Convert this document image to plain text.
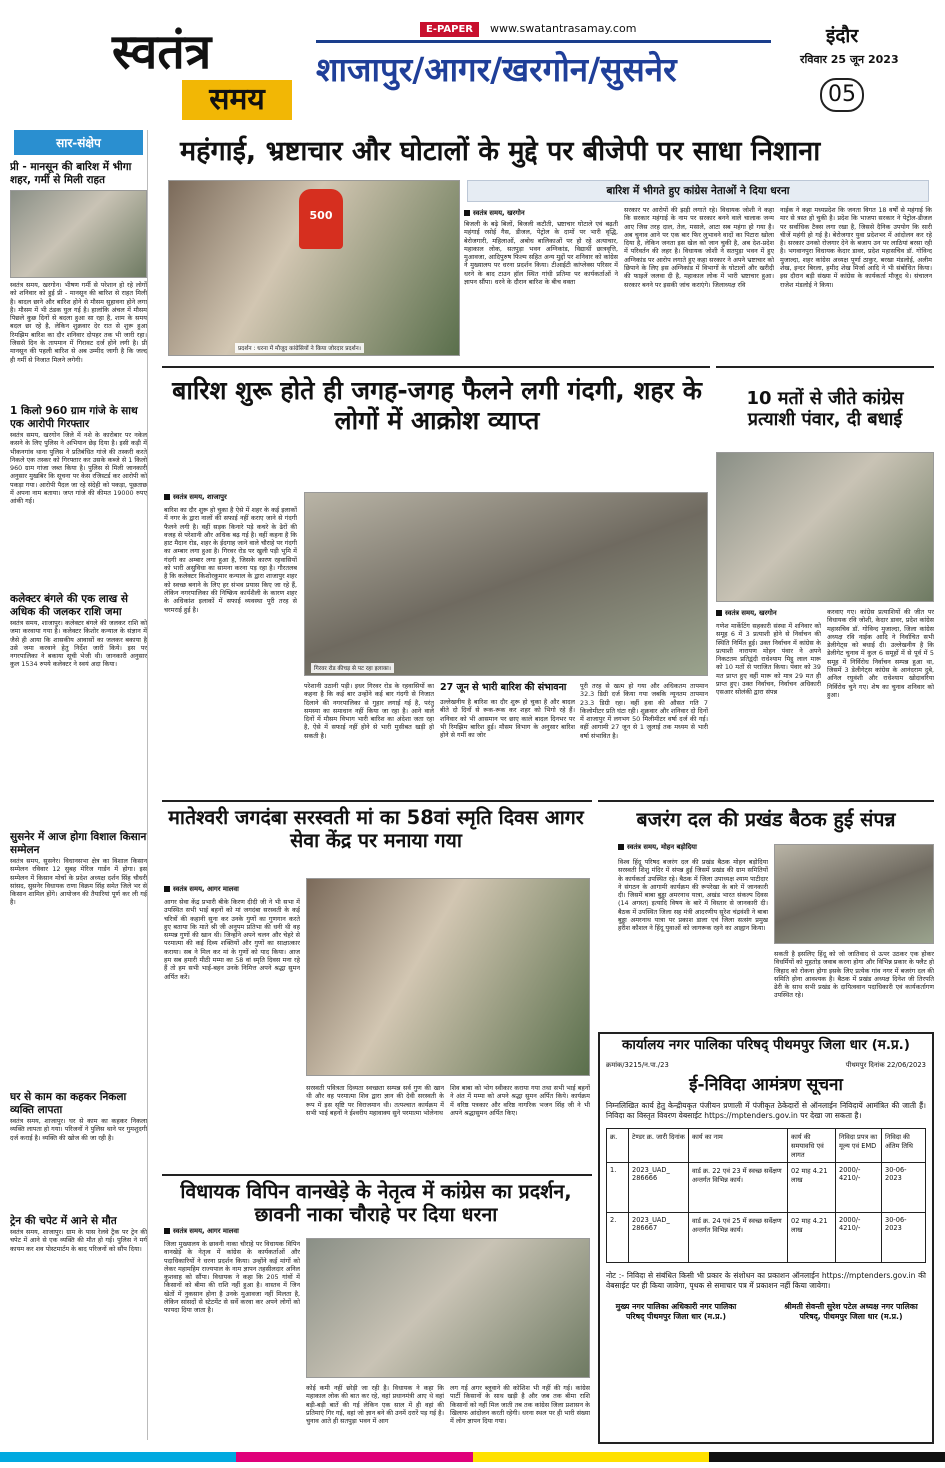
स्वतंत्र
समय
E-PAPER	www.swatantrasamay.com
शाजापुर/आगर/खरगोन/सुसनेर
इंदौर
रविवार 25 जून 2023
05
सार-संक्षेप
प्री - मानसून की बारिश में भीगा शहर, गर्मी से मिली राहत
स्वतंत्र समय, खरगोन। भीषण गर्मी से परेशान हो रहे लोगों को शनिवार को हुई प्री - मानसून की बारिश से राहत मिली है। बादल छाने और बारिश होने से मौसम सुहावना होने लगा है। मौसम में भी ठंडक घुल गई है। हालांकि अंचल में मौसम पिछले कुछ दिनों से बदला हुआ सा रहा है, शाम के समय बदल छा रहे है, लेकिन शुक्रवार देर रात से शुरू हुआ रिमझिम बारिश का दौर शनिवार दोपहर तक भी जारी रहा। जिससे दिन के तापमान में गिरावट दर्ज होने लगी है। प्री मानसून की पहली बारिश से अब उम्मीद जागी है कि जल्द ही गर्मी से निजात मिलने लगेगी।
1 किलो 960 ग्राम गांजे के साथ एक आरोपी गिरफ्तार
स्वतंत्र समय, खरगोन जिले में नशे के कारोबार पर नकेल कसने के लिए पुलिस ने अभियान छेड़ दिया है। इसी कड़ी में भीकनगांव थाना पुलिस ने प्रतिबंधित गांजे की तस्करी करते निकले एक तस्कर को गिरफ्तार कर उसके कब्जे से 1 किलो 960 ग्राम गांजा जब्त किया है। पुलिस से मिली जानकारी अनुसार मुखबिर कि सूचना पर केस रजिस्टर्ड कर आरोपी को पकड़ा गया। आरोपी पैदल जा रहे संदेही को पकड़ा, पूछताछ में अपना नाम बताया। जप्त गांजे की कीमत 19000 रुपए आंकी गई।
कलेक्टर बंगले की एक लाख से अधिक की जलकर राशि जमा
स्वतंत्र समय, शाजापुर। कलेक्टर बंगले की जलकर राशि को जमा करवाया गया है। कलेक्टर किशोर कन्याल के संज्ञान में जैसे ही आया कि शासकीय आवासों का जलकर बकाया है उसे जमा करवाने हेतु निर्देश जारी किये। इस पर नगरपालिका ने बकाया सूची भेजी थी। जानकारी अनुसार कुल 1534 रुपये कलेक्टर ने स्वयं अदा किया।
सुसनेर में आज होगा विशाल किसान सम्मेलन
स्वतंत्र समय, सुसनेर। विधानसभा क्षेत्र का विशाल किसान सम्मेलन रविवार 12 सुबह मेरिज गार्डन में होगा। इस सम्मेलन में किसान मोर्चा के प्रदेश अध्यक्ष दर्शन सिंह चौधरी सांसद, सुसनेर विधायक राणा विक्रम सिंह समेत जिले भर से किसान शामिल होंगे। आयोजन की तैयारियां पूर्ण कर ली गई है।
घर से काम का कहकर निकला व्यक्ति लापता
स्वतंत्र समय, शाजापुर। घर से काम का कहकर निकला व्यक्ति लापता हो गया। परिजनों ने पुलिस थाने पर गुमशुदगी दर्ज कराई है। व्यक्ति की खोज की जा रही है।
ट्रेन की चपेट में आने से मौत
स्वतंत्र समय, शाजापुर। ग्राम के पास रेलवे ट्रैक पर ट्रेन की चपेट में आने से एक व्यक्ति की मौत हो गई। पुलिस ने मर्ग कायम कर शव पोस्टमार्टम के बाद परिजनों को सौंप दिया।
महंगाई, भ्रष्टाचार और घोटालों के मुद्दे पर बीजेपी पर साधा निशाना
बारिश में भीगते हुए कांग्रेस नेताओं ने दिया धरना
500
प्रदर्शन : धरना में मौजूद कांग्रेसियों ने किया जोरदार प्रदर्शन।
स्वतंत्र समय, खरगोन
बिजली के बढ़े बिलों, बिजली कटौती, भ्रष्टाचार घोटाले एवं बढ़ती महंगाई रसोई गैस, डीजल, पेट्रोल के दामों पर भारी वृद्धि, बेरोजगारी, महिलाओं, अबोध बालिकाओं पर हो रहे अत्याचार, महाकाल लोक, सतपुड़ा भवन अग्निकांड, विद्यार्थी छात्रवृत्ति, मुआवजा, आदिपुरुष फिल्म सहित अन्य मुद्दों पर शनिवार को कांग्रेस ने मुख्यालय पर धरना प्रदर्शन किया। टीआईटी कांप्लेक्स परिसर में धरने के बाद टाउन हॉल स्थित गांधी प्रतिमा पर कार्यकर्ताओं ने ज्ञापन सौंपा। धरने के दौरान बारिश के बीच वक्ता
सरकार पर आरोपों की झड़ी लगाते रहे। विधायक जोशी ने कहा कि सरकार महंगाई के नाम पर सरकार बनने वाले चालाक जन्म आए जिस तरह दाल, तेल, मसाले, आटा सब महंगा हो गया है। अब चुनाव आने पर एक बार फिर लुभावने वादों का पिटारा खोला दिया है, लेकिन जनता इस खेल को जान चुकी है, अब देश-प्रदेश में परिवर्तन की लहर है। विधायक जोशी ने सतपुड़ा भवन में हुए अग्निकांड पर आरोप लगाते हुए कहा सरकार ने अपने भ्रष्टाचार को छिपाने के लिए इस अग्निकांड में विभागों के घोटालों और खरीदी की फाइलें जलवा दी है, महाकाल लोक में भारी भ्रष्टाचार हुआ। सरकार बनने पर इसकी जांच कराएंगे। जिलाध्यक्ष रवि
नाईक ने कहा मध्यप्रदेश कि जनता विगत 18 वर्षों से महंगाई कि मार से त्रस्त हो चुकी है। प्रदेश कि भाजपा सरकार ने पेट्रोल-डीजल पर सर्वाधिक टैक्स लगा रखा है, जिससे दैनिक उपयोग कि सारी चीजें महंगी हो गई है। बेरोजगार युवा प्रदेशभर में आंदोलन कर रहे है। सरकार उनको रोजगार देने के बजाय उन पर लाठियां बरसा रही है। भगवानपुरा विधायक केदार डावर, प्रदेश महासचिव डॉ. गोविन्द मुजाल्दा, शहर कांग्रेस अध्यक्ष पूर्णा ठाकुर, बरखा मंडलोई, अलीम शेख, इन्दर बिरला, हमीद शेख मिर्जा आदि ने भी संबोधित किया। इस दौरान बड़ी संख्या में कांग्रेस के कार्यकर्ता मौजूद थे। संचालन राजेश मंडलोई ने किया।
बारिश शुरू होते ही जगह-जगह फैलने लगी गंदगी, शहर के लोगों में आक्रोश व्याप्त
स्वतंत्र समय, शाजापुर
बारिश का दौर शुरू हो चुका है ऐसे में शहर के कई इलाकों में नगर के द्वारा नालों की सफाई नहीं कराए जाने से गंदगी फैलने लगी है। वहीं सड़क किनारे पड़े कचरे के ढेरों की वजह से परेशानी और अधिक बढ़ गई है। वहीं कहना है कि हाट मैदान रोड, शहर के ईदगाह जाने वाले चौराहे पर गंदगी का अम्बार लगा हुआ है। गिरवर रोड पर खुली पड़ी भूमि में गंदगी का अम्बार लगा हुआ है, जिसके कारण रहवासियों को भारी असुविधा का सामना करना पड़ रहा है। गौरतलब है कि कलेक्टर किशोरकुमार कन्याल के द्वारा शाजापुर शहर को स्वच्छ बनाने के लिए हर संभव प्रयास किए जा रहे हैं, लेकिन नगरपालिका की निष्क्रिय कार्यशैली के कारण शहर के अधिकांश इलाकों में सफाई व्यवस्था पूरी तरह से चरमराई हुई है।
गिरवर रोड कीचड़ से पट रहा इलाका।
परेशानी उठानी पड़ी। इधर गिरवर रोड के रहवासियों का कहना है कि कई बार उन्होंने कई बार गंदगी से निजात दिलाने की नगरपालिका से गुहार लगाई गई है, परंतु समस्या का समाधान नहीं किया जा रहा है। आने वाले दिनों में मौसम विभाग भारी बारिश का अंदेशा जता रहा है, ऐसे में सफाई नहीं होने से भारी मुसीबत खड़ी हो सकती है।
27 जून से भारी बारिश की संभावना
उल्लेखनीय है बारिश का दौर शुरू हो चुका है और बादल बीते दो दिनों से रूक-रूक कर शहर को भिगो रहे हैं। शनिवार को भी आसमान पर छाए काले बादल दिनभर पर भी रिमझिम बारिश हुई। मौसम विभाग के अनुसार बारिश होने से गर्मी का जोर
पूरी तरह से खत्म हो गया और अधिकतम तापमान 32.3 डिग्री दर्ज किया गया जबकि न्यूनतम तापमान 23.3 डिग्री रहा। वहीं हवा की औसत गति 7 किलोमीटर प्रति घंटा रही। शुक्रवार और शनिवार दो दिनों में शाजापुर में लगभग 50 मिलीमीटर वर्षा दर्ज की गई। वहीं आगामी 27 जून से 1 जुलाई तक मध्यम से भारी वर्षा संभावित है।
10 मतों से जीते कांग्रेस प्रत्याशी पंवार, दी बधाई
स्वतंत्र समय, खरगोन
गणेश मार्केटिंग सहकारी संस्था में शनिवार को समूह 6 में 3 प्रत्याशी होने से निर्वाचन की स्थिति निर्मित हुई। उक्त निर्वाचन में कांग्रेस के प्रत्याशी नारायण मोहन पंवार ने अपने निकटतम प्रतिद्वंदी राधेश्याम मिट्ठू लाल मारू को 10 मतों से पराजित किया। पंवार को 39 मत प्राप्त हुए वहीं मारू को मात्र 29 मत ही प्राप्त हुए। उक्त निर्वाचन, निर्वाचन अधिकारी एसआर सोलंकी द्वारा संपन्न
करवाए गए। कांग्रेस प्रत्याशियों की जीत पर विधायक रवि जोशी, केदार डावर, प्रदेश कांग्रेस महासचिव डॉ. गोविन्द मुजाल्दा, जिला कांग्रेस अध्यक्ष रवि नाईक आदि ने निर्वाचित सभी डेलीगेट्स को बधाई दी। उल्लेखनीय है कि डेलीगेट चुनाव में कुल 6 समूहों में से पूर्व में 5 समूह में निर्विरोध निर्वाचन सम्पन्न हुआ था, जिसमें 3 डेलीगेट्स कांग्रेस के आनंदराम दुबे, अनिल रघुवंशी और राधेश्याम खोदावरिया निर्विरोध चुने गए। शेष का चुनाव शनिवार को हुआ।
मातेश्वरी जगदंबा सरस्वती मां का 58वां स्मृति दिवस आगर सेवा केंद्र पर मनाया गया
स्वतंत्र समय, आगर मालवा
आगर सेवा केंद्र प्रभारी बीके किरण दीदी जी ने भी सभा में उपस्थित सभी भाई बहनों को मां जगदंबा सरस्वती के कई चरित्रों की कहानी सुना कर उनके गुणों का गुणगान करते हुए बताया कि माते श्री जी अनुपम प्रतिभा की धनी थी वह सम्पन्न गुणों की खान थी। जिन्होंने अपने चलन और चेहरे से परमात्मा की कई दिव्य शक्तियों और गुणों का साक्षात्कार कराया। सब ने मिल कर मां के गुणों को याद किया। आज हम सब हमारी मीठी मम्मा का 58 वां स्मृति दिवस मना रहे हैं तो हम सभी भाई-बहन उनके निमित्त अपने श्रद्धा सुमन अर्पित करें।
सरस्वती पवित्रता दिव्यता स्वच्छता सम्पन्न सर्व गुण की खान थी और वह परमात्मा शिव द्वारा ज्ञान की देवी सरस्वती के रूप में इस सृष्टि पर विराजमान थी। तत्पश्चात कार्यक्रम में सभी भाई बहनों ने ईश्वरीय महावाक्य सुने परमात्मा भोलेनाथ
शिव बाबा को भोग स्वीकार कराया गया तथा सभी भाई बहनों ने अंत में मम्मा को अपने श्रद्धा सुमन अर्पित किये। कार्यक्रम में वरिष्ठ पत्रकार और वरिष्ठ नागरिक भजन सिंह जी ने भी अपने श्रद्धासुमन अर्पित किए।
बजरंग दल की प्रखंड बैठक हुई संपन्न
स्वतंत्र समय, मोहन बड़ोदिया
विश्व हिंदू परिषद बजरंग दल की प्रखंड बैठक मोहन बड़ोदिया सरस्वती शिशु मंदिर में संपन्न हुई जिसमें प्रखंड की ग्राम समितियों के कार्यकर्ता उपस्थित रहे। बैठक में जिला उपाध्यक्ष श्याम पाटीदार ने संगठन के आगामी कार्यक्रम की रूपरेखा के बारे में जानकारी दी। जिसमें बाबा बुड्ढा अमरनाथ यात्रा, अखंड भारत संकल्प दिवस (14 अगस्त) इत्यादि विषय के बारे में विस्तार से जानकारी दी। बैठक में उपस्थित जिला सह मंत्री आदरणीय सुरेश चंद्रवंशी ने बाबा बुड्डा अमरनाथ यात्रा पर प्रकाश डाला एवं जिला सत्संग प्रमुख हरीश कौशल ने हिंदू युवाओं को जागरूक रहने का आह्वान किया।
सकती है इसलिए हिंदू को जो जातिवाद से ऊपर उठकर एक होकर विधर्मियों को मुहतोड़ जवाब करना होगा और विभिन्न प्रकार के फ्लैट हो जिहाद को रोकना होगा इसके लिए प्रत्येक गांव नगर में बजरंग दल की समिति होना आवश्यक है। बैठक में प्रखंड अध्यक्ष दिनेश जी तिरपति ढेरी के साथ सभी प्रखंड के दायित्ववान पदाधिकारी एवं कार्यकर्तागण उपस्थित रहे।
विधायक विपिन वानखेड़े के नेतृत्व में कांग्रेस का प्रदर्शन, छावनी नाका चौराहे पर दिया धरना
स्वतंत्र समय, आगर मालवा
जिला मुख्यालय के छावनी नाका चौराहे पर विधायक विपिन वानखेड़े के नेतृत्व में कांग्रेस के कार्यकर्ताओं और पदाधिकारियों ने धरना प्रदर्शन किया। उन्होंने कई मांगों को लेकर महामहिम राज्यपाल के नाम ज्ञापन तहसीलदार अनिल कुशवाह को सौंपा। विधायक ने कहा कि 205 गांवों में किसानों को बीमा की राशि नहीं हुआ है। वास्तव में जिन खेतों में नुकसान होना है उनके मुआवजा नहीं मिलता है, लेकिन सांसदों से स्टेटमेंट से सर्वे करवा कर अपने लोगों को फायदा दिया जाता है।
कोई कमी नहीं छोड़ी जा रही है। विधायक ने कहा कि महाकाल लोक की बात कर रहे, वहां प्रधानमंत्री आए थे वहां बड़ी-बड़ी बातें की गई लेकिन एक साल में ही वहां की प्रतिमाएं गिर गई, वहां जो ज्ञान बने की उनमें दरारें पड़ गई है। चुनाव आते ही सतपुड़ा भवन में आग
लग गई अगर ब्लूवाने की कोशिश भी नहीं की गई। कांग्रेस पार्टी किसानों के साथ खड़ी है और जब तक बीमा राशि किसानों को नहीं मिल जाती तब तक कांग्रेस जिला प्रशासन के खिलाफ आंदोलन करती रहेगी। धरना स्थल पर ही भारी संख्या में लोग ज्ञापन दिया गया।
कार्यालय नगर पालिका परिषद् पीथमपुर जिला धार (म.प्र.)
क्रमांक/3215/न.पा./23	पीथमपुर दिनांक 22/06/2023
ई-निविदा आमंत्रण सूचना
निम्नलिखित कार्य हेतु केन्द्रीयकृत पंजीयन प्रणाली में पंजीकृत ठेकेदारों से ऑनलाईन निविदायें आमंत्रित की जाती हैं। निविदा का विस्तृत विवरण वेबसाईट https://mptenders.gov.in पर देखा जा सकता है।
क्र.	टेण्डर क्र. जारी दिनांक	कार्य का नाम	कार्य की समयावधि एवं लागत	निविदा प्रपत्र का मूल्य एवं EMD	निविदा की अंतिम तिथि
1.	2023_UAD_ 286666	वार्ड क्र. 22 एवं 23 में स्वच्छ सर्वेक्षण अन्तर्गत विभिन्न कार्य।	02 माह 4.21 लाख	2000/- 4210/-	30-06-2023
2.	2023_UAD_ 286667	वार्ड क्र. 24 एवं 25 में स्वच्छ सर्वेक्षण अन्तर्गत विभिन्न कार्य।	02 माह 4.21 लाख	2000/- 4210/-	30-06-2023
नोट :- निविदा से संबंधित किसी भी प्रकार के संशोधन का प्रकाशन ऑनलाईन https://mptenders.gov.in की वेबसाईट पर ही किया जावेगा, पृथक से समाचार पत्र में प्रकाशन नहीं किया जावेगा।
मुख्य नगर पालिका अधिकारी नगर पालिका परिषद् पीथमपुर जिला धार (म.प्र.)
श्रीमती सेवन्ती सुरेश पटेल अध्यक्ष नगर पालिका परिषद्, पीथमपुर जिला धार (म.प्र.)
